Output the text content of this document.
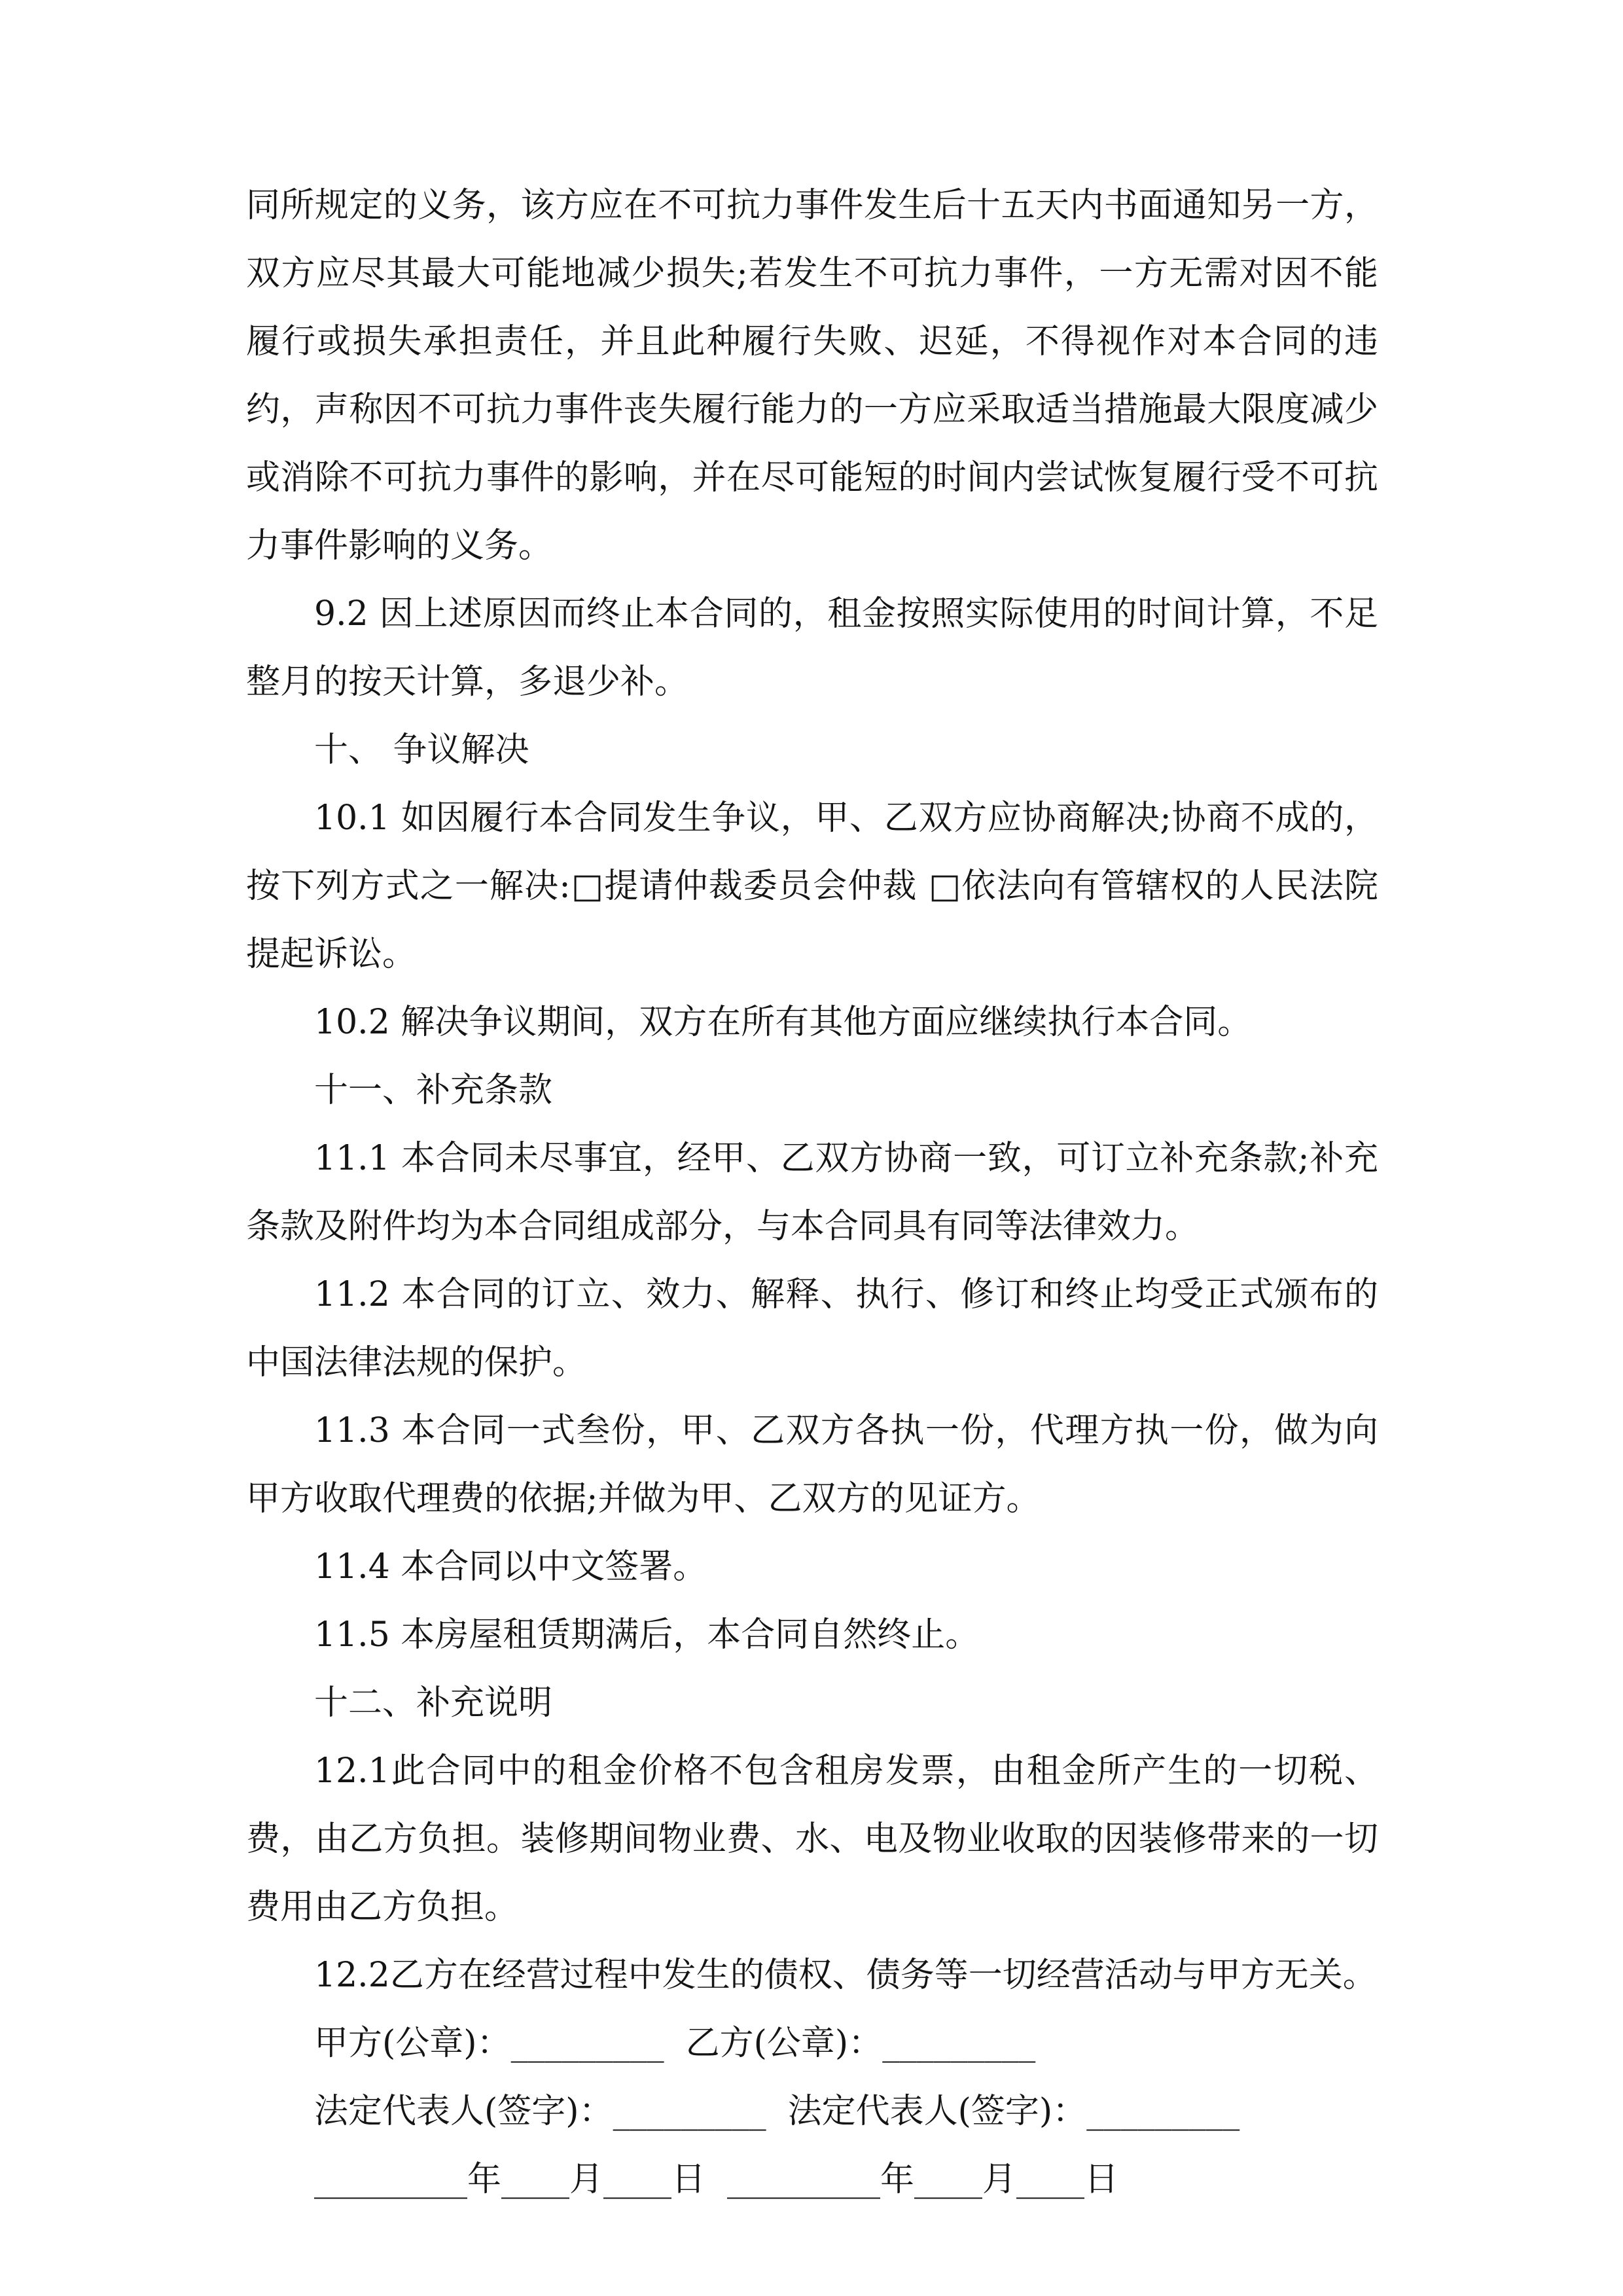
同所规定的义务，该方应在不可抗力事件发生后十五天内书面通知另一方，双方应尽其最大可能地减少损失;若发生不可抗力事件，一方无需对因不能履行或损失承担责任，并且此种履行失败、迟延，不得视作对本合同的违约，声称因不可抗力事件丧失履行能力的一方应采取适当措施最大限度减少或消除不可抗力事件的影响，并在尽可能短的时间内尝试恢复履行受不可抗力事件影响的义务。

9.2 因上述原因而终止本合同的，租金按照实际使用的时间计算，不足整月的按天计算，多退少补。

十、 争议解决

10.1 如因履行本合同发生争议，甲、乙双方应协商解决;协商不成的，按下列方式之一解决:□提请仲裁委员会仲裁 □依法向有管辖权的人民法院提起诉讼。

10.2 解决争议期间，双方在所有其他方面应继续执行本合同。

十一、补充条款

11.1 本合同未尽事宜，经甲、乙双方协商一致，可订立补充条款;补充条款及附件均为本合同组成部分，与本合同具有同等法律效力。

11.2 本合同的订立、效力、解释、执行、修订和终止均受正式颁布的中国法律法规的保护。

11.3 本合同一式叁份，甲、乙双方各执一份，代理方执一份，做为向甲方收取代理费的依据;并做为甲、乙双方的见证方。

11.4 本合同以中文签署。

11.5 本房屋租赁期满后，本合同自然终止。

十二、补充说明

12.1此合同中的租金价格不包含租房发票，由租金所产生的一切税、费，由乙方负担。装修期间物业费、水、电及物业收取的因装修带来的一切费用由乙方负担。

12.2乙方在经营过程中发生的债权、债务等一切经营活动与甲方无关。

甲方(公章)：_________  乙方(公章)：_________

法定代表人(签字)：_________  法定代表人(签字)：_________

_________年____月____日  _________年____月____日
